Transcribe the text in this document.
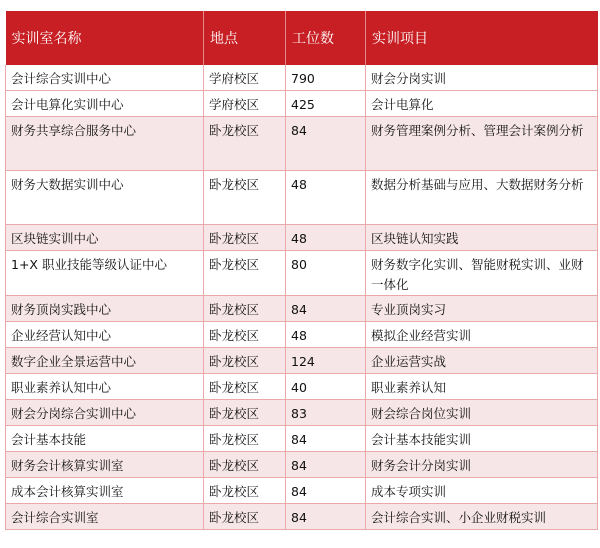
实训室名称	地点	工位数	实训项目
会计综合实训中心	学府校区	790	财会分岗实训
会计电算化实训中心	学府校区	425	会计电算化
财务共享综合服务中心	卧龙校区	84	财务管理案例分析、管理会计案例分析
财务大数据实训中心	卧龙校区	48	数据分析基础与应用、大数据财务分析
区块链实训中心	卧龙校区	48	区块链认知实践
1+X 职业技能等级认证中心	卧龙校区	80	财务数字化实训、智能财税实训、业财一体化
财务顶岗实践中心	卧龙校区	84	专业顶岗实习
企业经营认知中心	卧龙校区	48	模拟企业经营实训
数字企业全景运营中心	卧龙校区	124	企业运营实战
职业素养认知中心	卧龙校区	40	职业素养认知
财会分岗综合实训中心	卧龙校区	83	财会综合岗位实训
会计基本技能	卧龙校区	84	会计基本技能实训
财务会计核算实训室	卧龙校区	84	财务会计分岗实训
成本会计核算实训室	卧龙校区	84	成本专项实训
会计综合实训室	卧龙校区	84	会计综合实训、小企业财税实训
